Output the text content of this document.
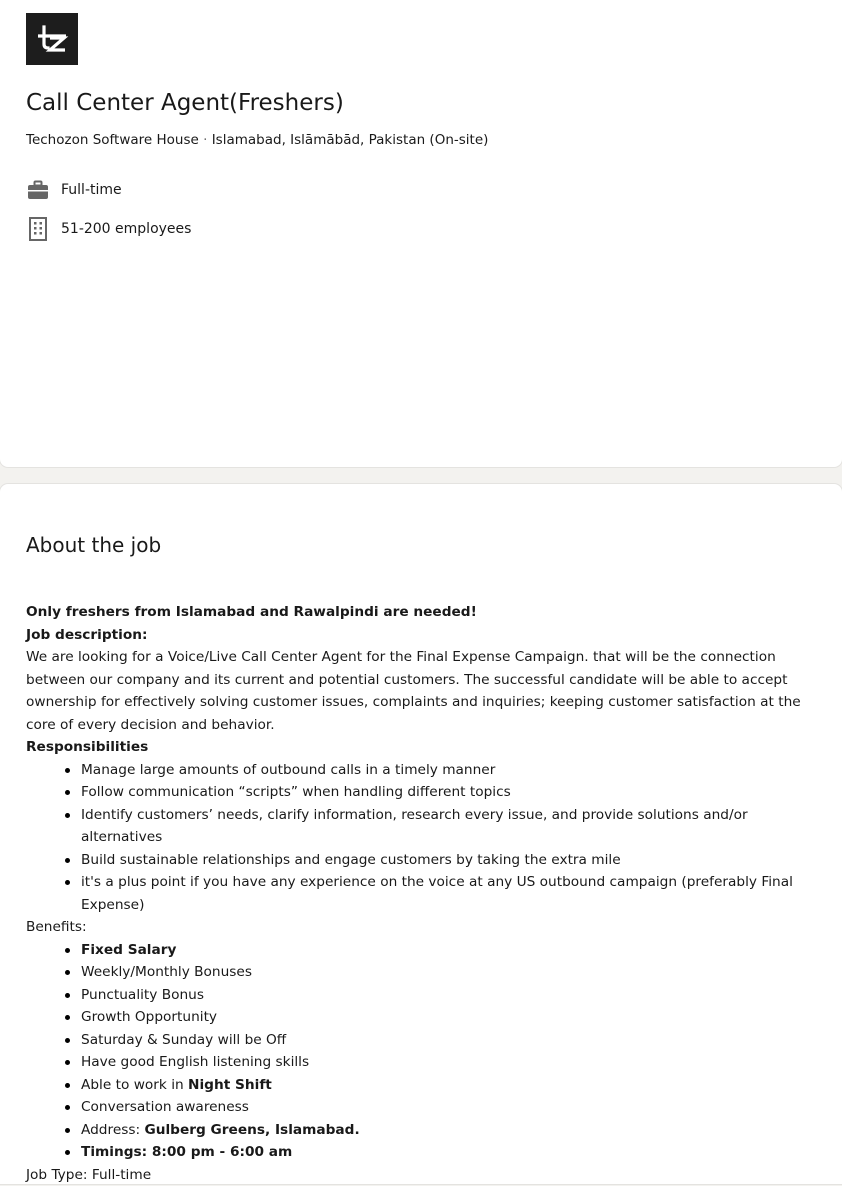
Call Center Agent(Freshers)
Techozon Software House · Islamabad, Islāmābād, Pakistan (On-site)
Full-time
51-200 employees
About the job

Only freshers from Islamabad and Rawalpindi are needed!

Job description:

We are looking for a Voice/Live Call Center Agent for the Final Expense Campaign. that will be the connection between our company and its current and potential customers. The successful candidate will be able to accept ownership for effectively solving customer issues, complaints and inquiries; keeping customer satisfaction at the core of every decision and behavior.

Responsibilities

Manage large amounts of outbound calls in a timely manner
Follow communication “scripts” when handling different topics
Identify customers’ needs, clarify information, research every issue, and provide solutions and/or alternatives
Build sustainable relationships and engage customers by taking the extra mile
it's a plus point if you have any experience on the voice at any US outbound campaign (preferably Final Expense)

Benefits:

Fixed Salary
Weekly/Monthly Bonuses
Punctuality Bonus
Growth Opportunity
Saturday & Sunday will be Off
Have good English listening skills
Able to work in Night Shift
Conversation awareness
Address: Gulberg Greens, Islamabad.
Timings: 8:00 pm - 6:00 am

Job Type: Full-time
